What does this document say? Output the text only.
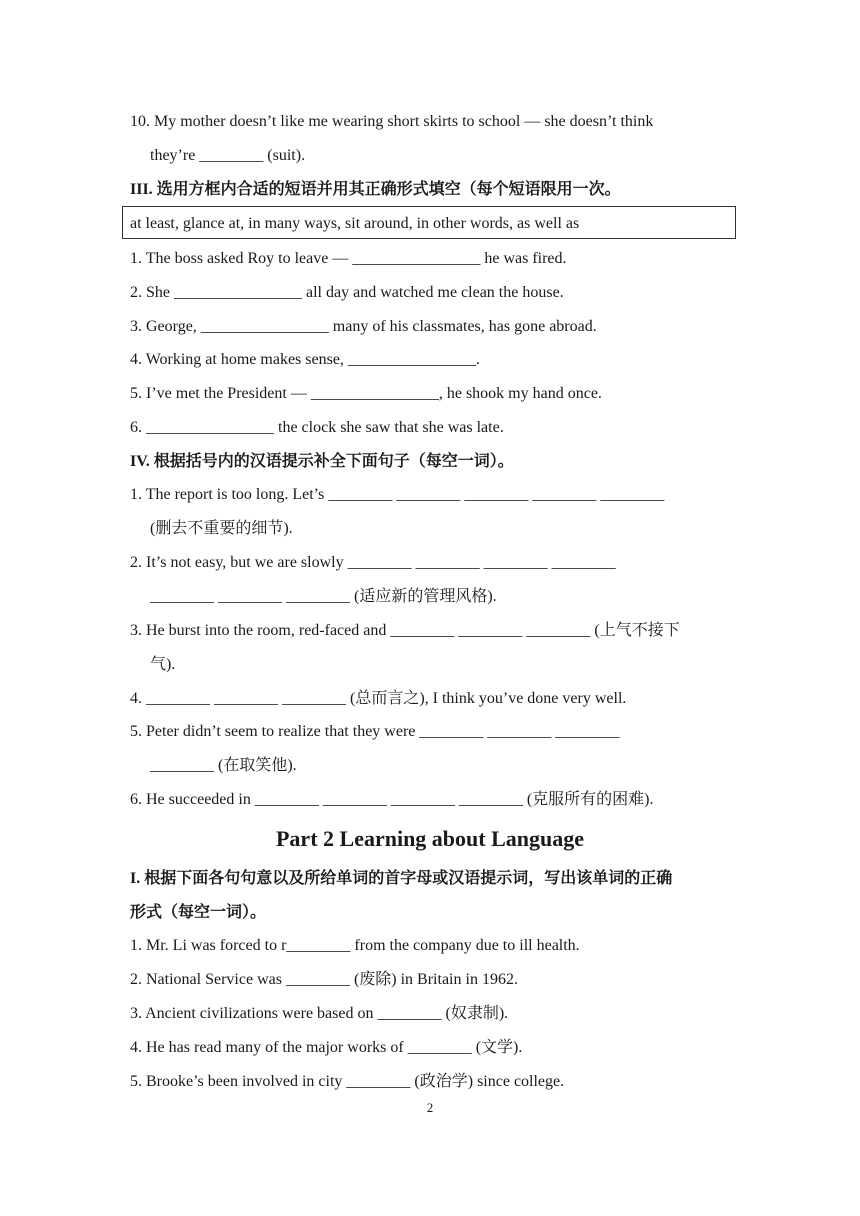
10. My mother doesn’t like me wearing short skirts to school — she doesn’t think
they’re ________ (suit).
III. 选用方框内合适的短语并用其正确形式填空（每个短语限用一次。
at least, glance at, in many ways, sit around, in other words, as well as
1. The boss asked Roy to leave — ________________ he was fired.
2. She ________________ all day and watched me clean the house.
3. George, ________________ many of his classmates, has gone abroad.
4. Working at home makes sense, ________________.
5. I’ve met the President — ________________, he shook my hand once.
6. ________________ the clock she saw that she was late.
IV. 根据括号内的汉语提示补全下面句子（每空一词）。
1. The report is too long. Let’s ________ ________ ________ ________ ________
(删去不重要的细节).
2. It’s not easy, but we are slowly ________ ________ ________ ________
________ ________ ________ (适应新的管理风格).
3. He burst into the room, red-faced and ________ ________ ________ (上气不接下
气).
4. ________ ________ ________ (总而言之), I think you’ve done very well.
5. Peter didn’t seem to realize that they were ________ ________ ________
________ (在取笑他).
6. He succeeded in ________ ________ ________ ________ (克服所有的困难).
Part 2 Learning about Language
I. 根据下面各句句意以及所给单词的首字母或汉语提示词，写出该单词的正确
形式（每空一词）。
1. Mr. Li was forced to r________ from the company due to ill health.
2. National Service was ________ (废除) in Britain in 1962.
3. Ancient civilizations were based on ________ (奴隶制).
4. He has read many of the major works of ________ (文学).
5. Brooke’s been involved in city ________ (政治学) since college.
2
